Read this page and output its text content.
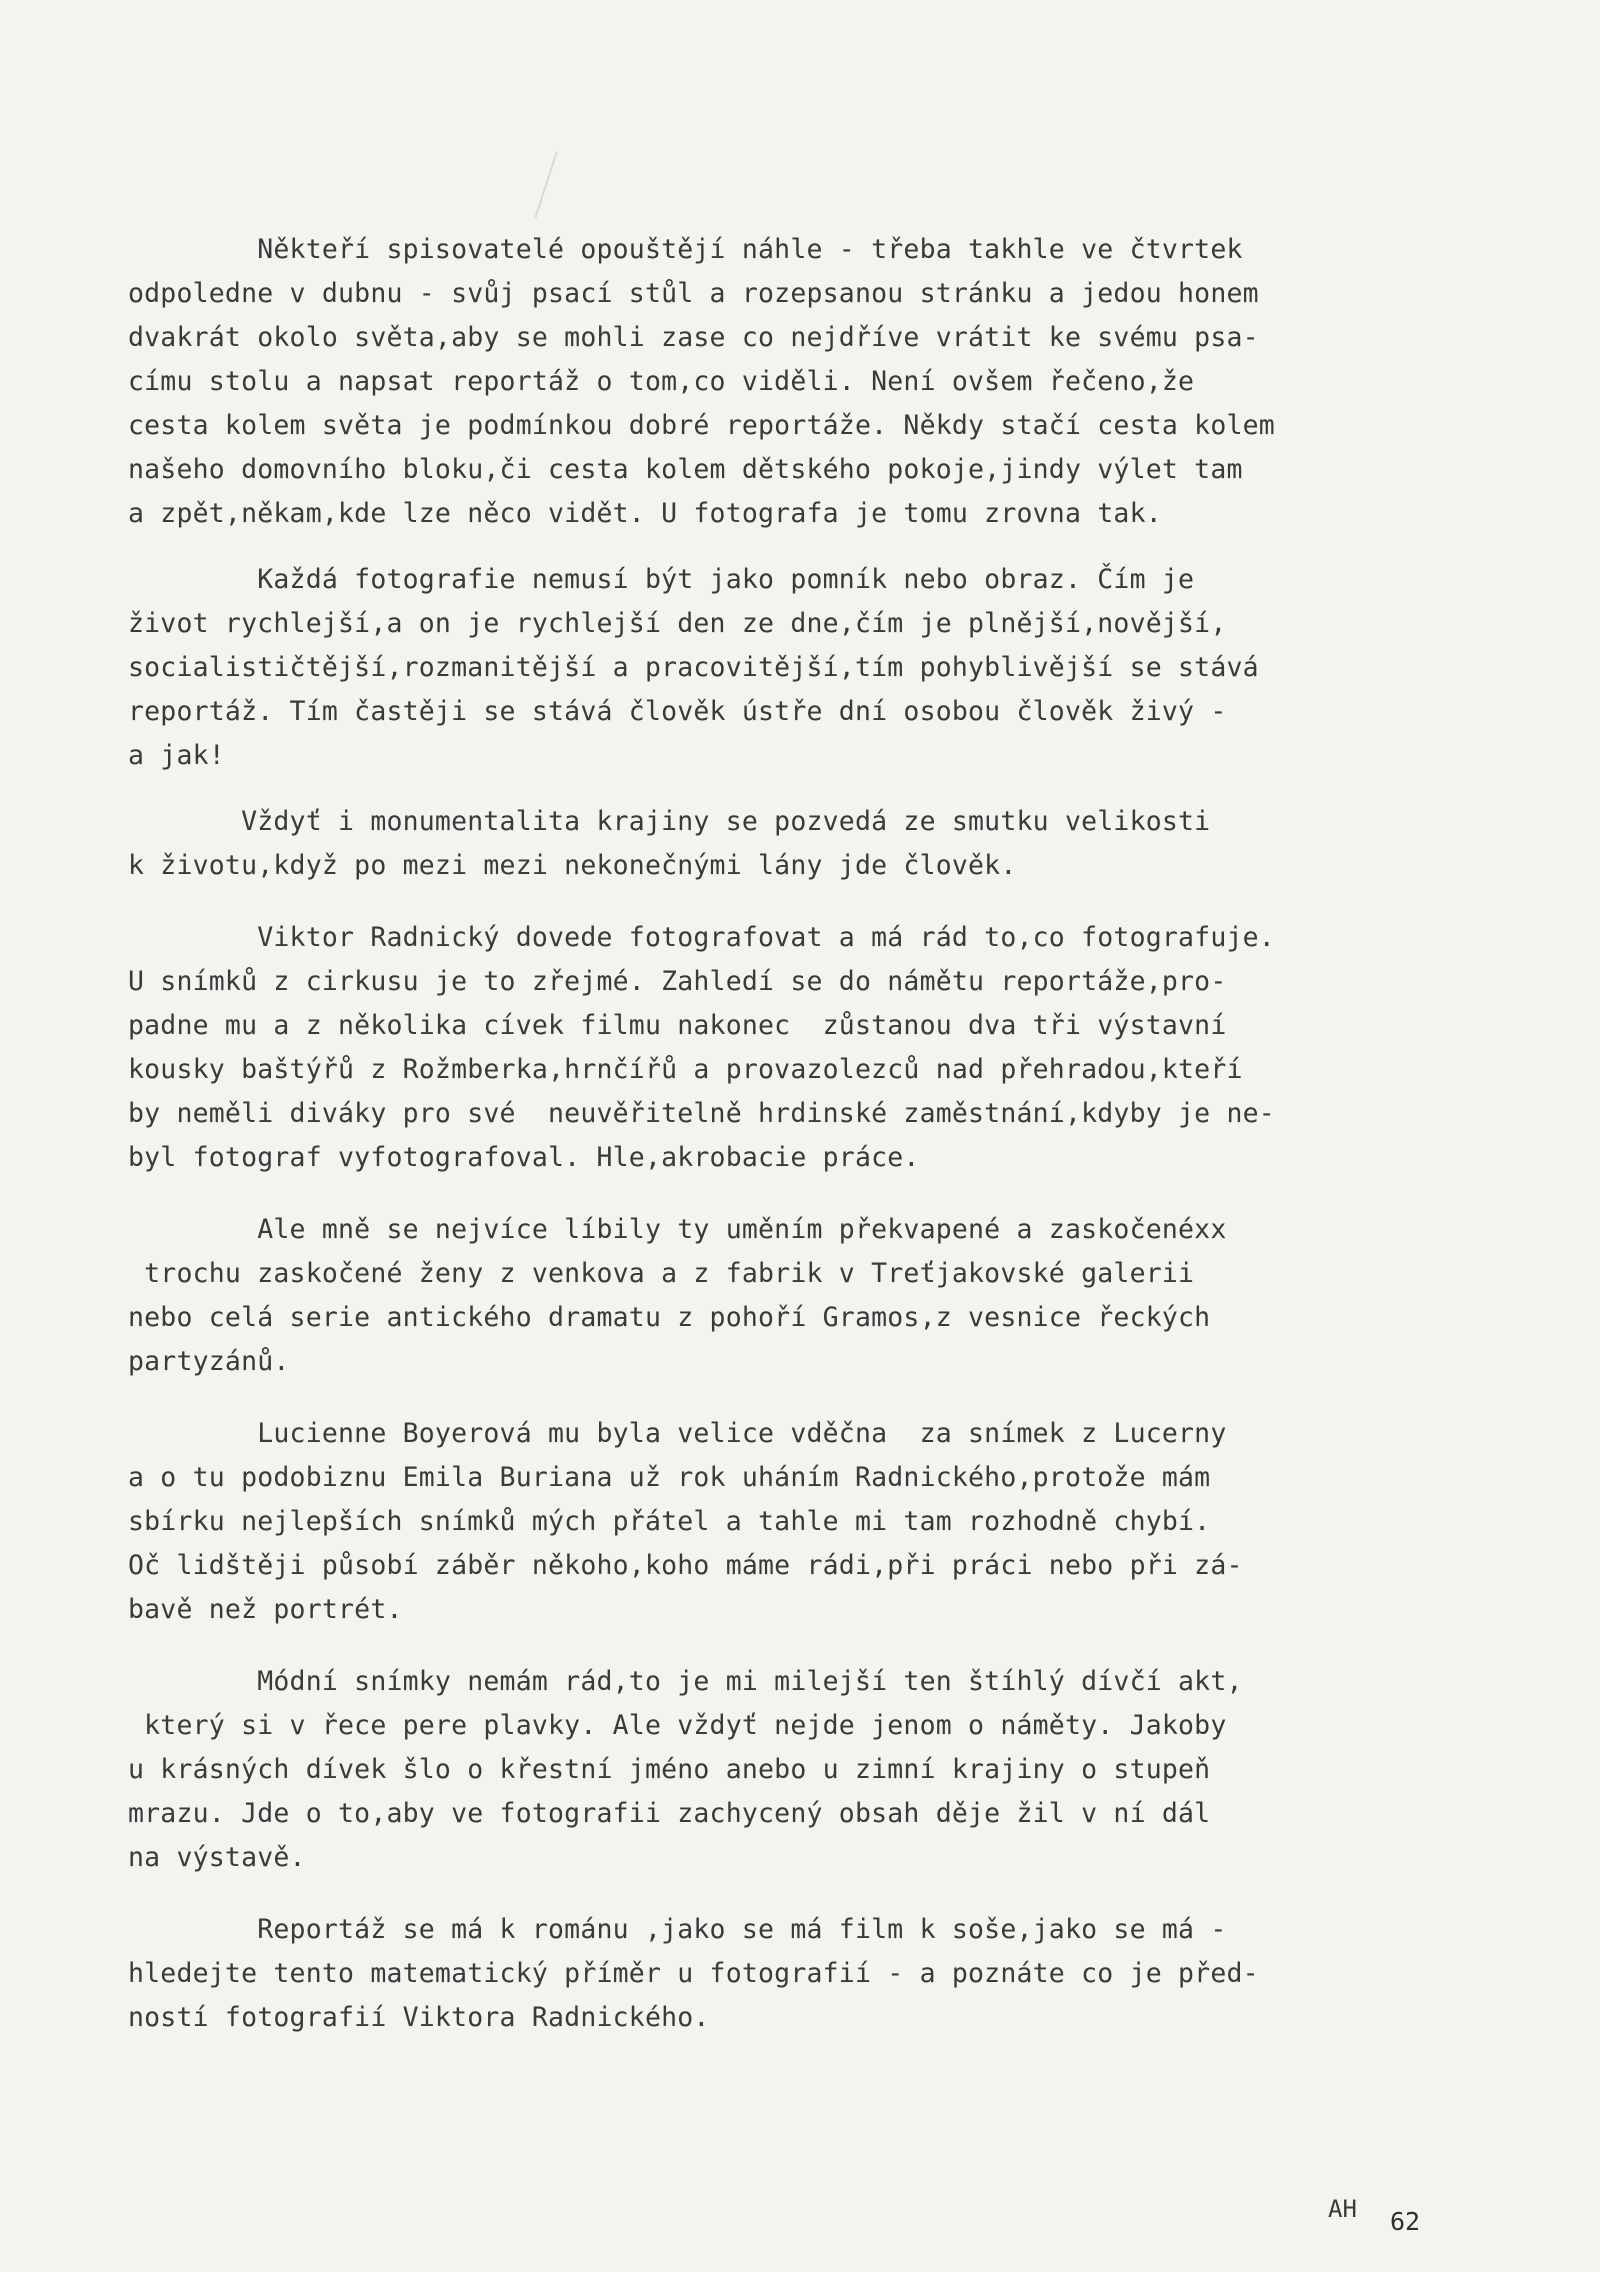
Někteří spisovatelé opouštějí náhle - třeba takhle ve čtvrtek
odpoledne v dubnu - svůj psací stůl a rozepsanou stránku a jedou honem
dvakrát okolo světa,aby se mohli zase co nejdříve vrátit ke svému psa-
címu stolu a napsat reportáž o tom,co viděli. Není ovšem řečeno,že
cesta kolem světa je podmínkou dobré reportáže. Někdy stačí cesta kolem
našeho domovního bloku,či cesta kolem dětského pokoje,jindy výlet tam
a zpět,někam,kde lze něco vidět. U fotografa je tomu zrovna tak.
Každá fotografie nemusí být jako pomník nebo obraz. Čím je
život rychlejší,a on je rychlejší den ze dne,čím je plnější,novější,
socialističtější,rozmanitější a pracovitější,tím pohyblivější se stává
reportáž. Tím častěji se stává člověk ústře dní osobou člověk živý -
a jak!
Vždyť i monumentalita krajiny se pozvedá ze smutku velikosti
k životu,když po mezi mezi nekonečnými lány jde člověk.
Viktor Radnický dovede fotografovat a má rád to,co fotografuje.
U snímků z cirkusu je to zřejmé. Zahledí se do námětu reportáže,pro-
padne mu a z několika cívek filmu nakonec  zůstanou dva tři výstavní
kousky baštýřů z Rožmberka,hrnčířů a provazolezců nad přehradou,kteří
by neměli diváky pro své  neuvěřitelně hrdinské zaměstnání,kdyby je ne-
byl fotograf vyfotografoval. Hle,akrobacie práce.
Ale mně se nejvíce líbily ty uměním překvapené a zaskočenéxx
trochu zaskočené ženy z venkova a z fabrik v Treťjakovské galerii
nebo celá serie antického dramatu z pohoří Gramos,z vesnice řeckých
partyzánů.
Lucienne Boyerová mu byla velice vděčna  za snímek z Lucerny
a o tu podobiznu Emila Buriana už rok uháním Radnického,protože mám
sbírku nejlepších snímků mých přátel a tahle mi tam rozhodně chybí.
Oč lidštěji působí záběr někoho,koho máme rádi,při práci nebo při zá-
bavě než portrét.
Módní snímky nemám rád,to je mi milejší ten štíhlý dívčí akt,
který si v řece pere plavky. Ale vždyť nejde jenom o náměty. Jakoby
u krásných dívek šlo o křestní jméno anebo u zimní krajiny o stupeň
mrazu. Jde o to,aby ve fotografii zachycený obsah děje žil v ní dál
na výstavě.
Reportáž se má k románu ,jako se má film k soše,jako se má -
hledejte tento matematický příměr u fotografií - a poznáte co je před-
ností fotografií Viktora Radnického.
AH 62
